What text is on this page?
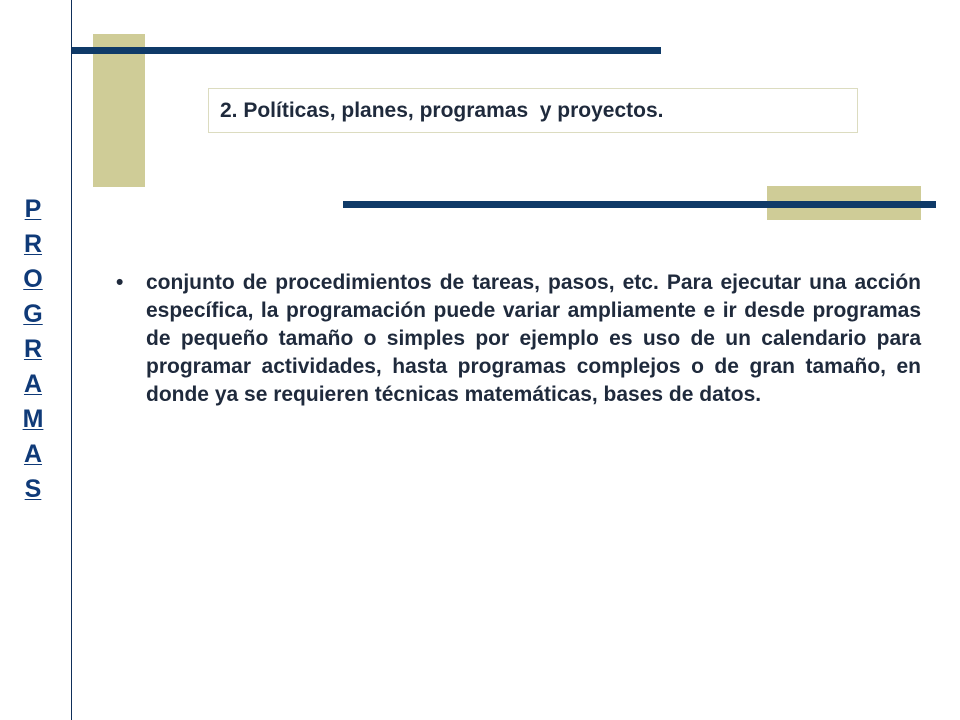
P
R
O
G
R
A
M
A
S
2. Políticas, planes, programas  y proyectos.
•	conjunto de procedimientos de tareas, pasos, etc. Para ejecutar una acción específica, la programación puede variar ampliamente e ir desde programas de pequeño tamaño o simples por ejemplo es uso de un calendario para programar actividades, hasta programas complejos o de gran tamaño, en donde ya se requieren técnicas matemáticas, bases de datos.
